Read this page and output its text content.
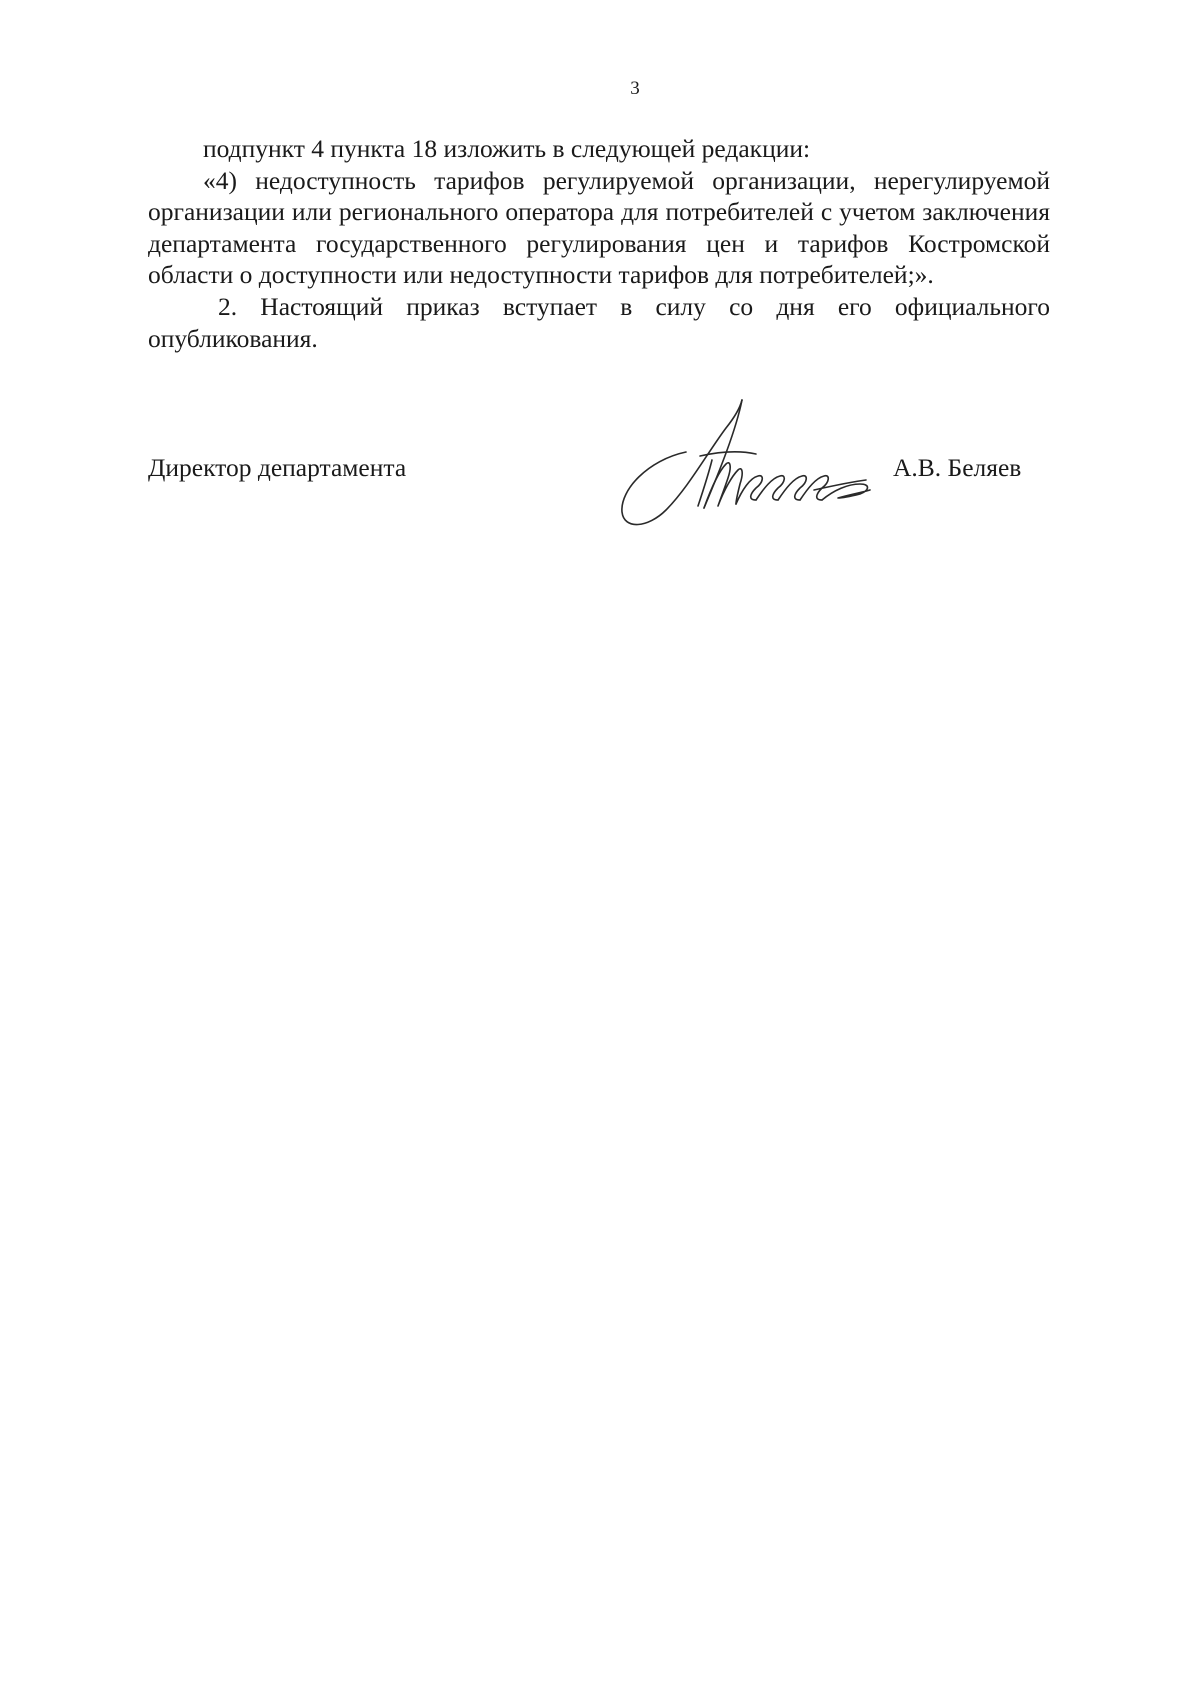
3

подпункт 4 пункта 18 изложить в следующей редакции:

«4) недоступность тарифов регулируемой организации, нерегулируемой организации или регионального оператора для потребителей с учетом заключения департамента государственного регулирования цен и тарифов Костромской области о доступности или недоступности тарифов для потребителей;».

2. Настоящий приказ вступает в силу со дня его официального опубликования.

Директор департамента	А.В. Беляев
